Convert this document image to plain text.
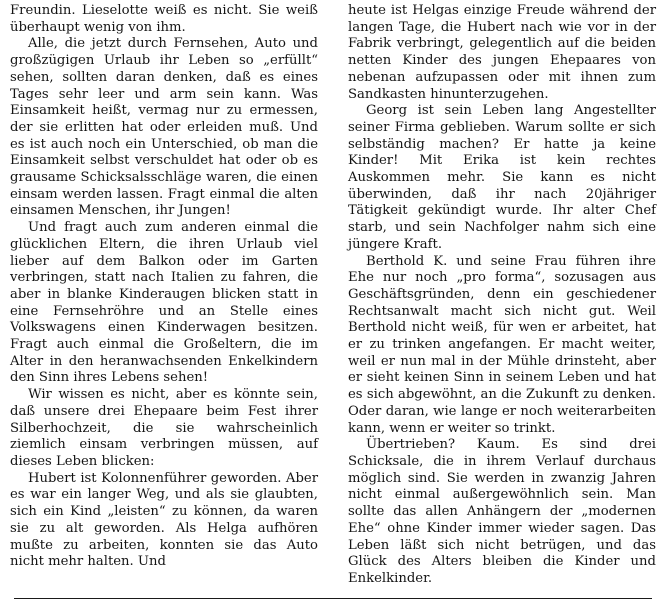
Freundin. Lieselotte weiß es nicht. Sie weiß überhaupt wenig von ihm.

Alle, die jetzt durch Fernsehen, Auto und großzügigen Urlaub ihr Leben so „erfüllt“ sehen, sollten daran denken, daß es eines Tages sehr leer und arm sein kann. Was Einsamkeit heißt, vermag nur zu ermessen, der sie erlitten hat oder erleiden muß. Und es ist auch noch ein Unterschied, ob man die Einsamkeit selbst verschuldet hat oder ob es grausame Schicksalsschläge waren, die einen einsam werden lassen. Fragt einmal die alten einsamen Menschen, ihr Jungen!

Und fragt auch zum anderen einmal die glücklichen Eltern, die ihren Urlaub viel lieber auf dem Balkon oder im Garten verbringen, statt nach Italien zu fahren, die aber in blanke Kinderaugen blicken statt in eine Fernsehröhre und an Stelle eines Volkswagens einen Kinderwagen besitzen. Fragt auch einmal die Großeltern, die im Alter in den heranwachsenden Enkelkindern den Sinn ihres Lebens sehen!

Wir wissen es nicht, aber es könnte sein, daß unsere drei Ehepaare beim Fest ihrer Silberhochzeit, die sie wahrscheinlich ziemlich einsam verbringen müssen, auf dieses Leben blicken:

Hubert ist Kolonnenführer geworden. Aber es war ein langer Weg, und als sie glaubten, sich ein Kind „leisten“ zu können, da waren sie zu alt geworden. Als Helga aufhören mußte zu arbeiten, konnten sie das Auto nicht mehr halten. Und

heute ist Helgas einzige Freude während der langen Tage, die Hubert nach wie vor in der Fabrik verbringt, gelegentlich auf die beiden netten Kinder des jungen Ehepaares von nebenan aufzupassen oder mit ihnen zum Sandkasten hinunterzugehen.

Georg ist sein Leben lang Angestellter seiner Firma geblieben. Warum sollte er sich selbständig machen? Er hatte ja keine Kinder! Mit Erika ist kein rechtes Auskommen mehr. Sie kann es nicht überwinden, daß ihr nach 20jähriger Tätigkeit gekündigt wurde. Ihr alter Chef starb, und sein Nachfolger nahm sich eine jüngere Kraft.

Berthold K. und seine Frau führen ihre Ehe nur noch „pro forma“, sozusagen aus Geschäftsgründen, denn ein geschiedener Rechtsanwalt macht sich nicht gut. Weil Berthold nicht weiß, für wen er arbeitet, hat er zu trinken angefangen. Er macht weiter, weil er nun mal in der Mühle drinsteht, aber er sieht keinen Sinn in seinem Leben und hat es sich abgewöhnt, an die Zukunft zu denken. Oder daran, wie lange er noch weiterarbeiten kann, wenn er weiter so trinkt.

Übertrieben? Kaum. Es sind drei Schicksale, die in ihrem Verlauf durchaus möglich sind. Sie werden in zwanzig Jahren nicht einmal außergewöhnlich sein. Man sollte das allen Anhängern der „modernen Ehe“ ohne Kinder immer wieder sagen. Das Leben läßt sich nicht betrügen, und das Glück des Alters bleiben die Kinder und Enkelkinder.
